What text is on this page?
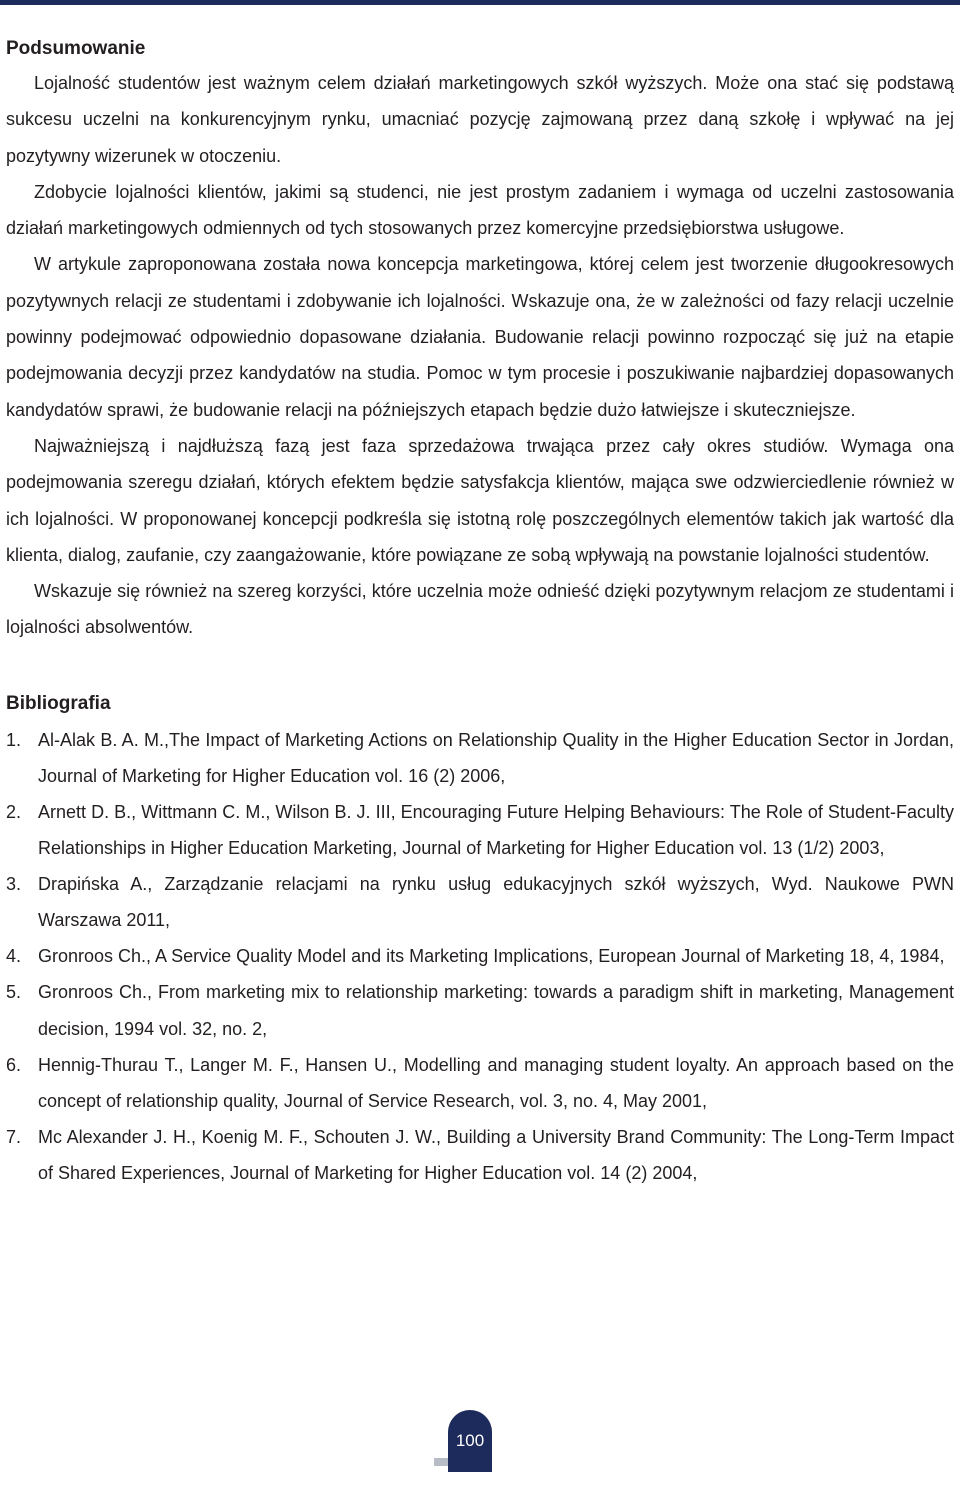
Podsumowanie

Lojalność studentów jest ważnym celem działań marketingowych szkół wyższych. Może ona stać się podstawą sukcesu uczelni na konkurencyjnym rynku, umacniać pozycję zajmowaną przez daną szkołę i wpływać na jej pozytywny wizerunek w otoczeniu.

Zdobycie lojalności klientów, jakimi są studenci, nie jest prostym zadaniem i wymaga od uczelni zastosowania działań marketingowych odmiennych od tych stosowanych przez komercyjne przedsiębiorstwa usługowe.

W artykule zaproponowana została nowa koncepcja marketingowa, której celem jest tworzenie długookresowych pozytywnych relacji ze studentami i zdobywanie ich lojalności. Wskazuje ona, że w zależności od fazy relacji uczelnie powinny podejmować odpowiednio dopasowane działania. Budowanie relacji powinno rozpocząć się już na etapie podejmowania decyzji przez kandydatów na studia. Pomoc w tym procesie i poszukiwanie najbardziej dopasowanych kandydatów sprawi, że budowanie relacji na późniejszych etapach będzie dużo łatwiejsze i skuteczniejsze.

Najważniejszą i najdłuższą fazą jest faza sprzedażowa trwająca przez cały okres studiów. Wymaga ona podejmowania szeregu działań, których efektem będzie satysfakcja klientów, mająca swe odzwierciedlenie również w ich lojalności. W proponowanej koncepcji podkreśla się istotną rolę poszczególnych elementów takich jak wartość dla klienta, dialog, zaufanie, czy zaangażowanie, które powiązane ze sobą wpływają na powstanie lojalności studentów.

Wskazuje się również na szereg korzyści, które uczelnia może odnieść dzięki pozytywnym relacjom ze studentami i lojalności absolwentów.

Bibliografia
1. Al-Alak B. A. M.,The Impact of Marketing Actions on Relationship Quality in the Higher Education Sector in Jordan, Journal of Marketing for Higher Education vol. 16 (2) 2006,
2. Arnett D. B., Wittmann C. M., Wilson B. J. III, Encouraging Future Helping Behaviours: The Role of Student-Faculty Relationships in Higher Education Marketing, Journal of Marketing for Higher Education vol. 13 (1/2) 2003,
3. Drapińska A., Zarządzanie relacjami na rynku usług edukacyjnych szkół wyższych, Wyd. Naukowe PWN Warszawa 2011,
4. Gronroos Ch., A Service Quality Model and its Marketing Implications, European Journal of Marketing 18, 4, 1984,
5. Gronroos Ch., From marketing mix to relationship marketing: towards a paradigm shift in marketing, Management decision, 1994 vol. 32, no. 2,
6. Hennig-Thurau T., Langer M. F., Hansen U., Modelling and managing student loyalty. An approach based on the concept of relationship quality, Journal of Service Research, vol. 3, no. 4, May 2001,
7. Mc Alexander J. H., Koenig M. F., Schouten J. W., Building a University Brand Community: The Long-Term Impact of Shared Experiences, Journal of Marketing for Higher Education vol. 14 (2) 2004,
100
